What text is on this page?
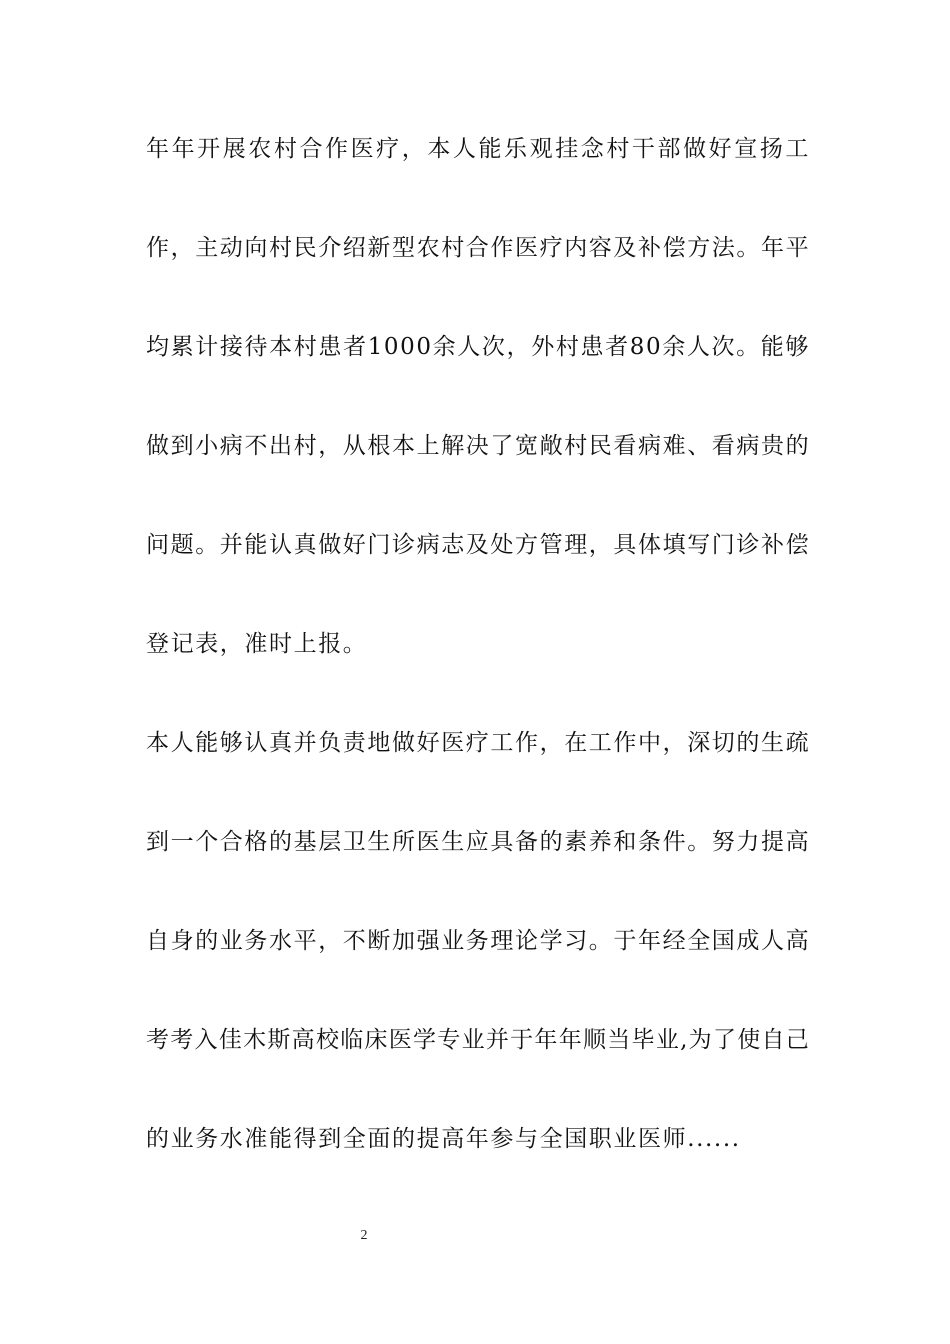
年年开展农村合作医疗，本人能乐观挂念村干部做好宣扬工
作，主动向村民介绍新型农村合作医疗内容及补偿方法。年平
均累计接待本村患者1000余人次，外村患者80余人次。能够
做到小病不出村，从根本上解决了宽敞村民看病难、看病贵的
问题。并能认真做好门诊病志及处方管理，具体填写门诊补偿
登记表，准时上报。
本人能够认真并负责地做好医疗工作，在工作中，深切的生疏
到一个合格的基层卫生所医生应具备的素养和条件。努力提高
自身的业务水平，不断加强业务理论学习。于年经全国成人高
考考入佳木斯高校临床医学专业并于年年顺当毕业,为了使自己
的业务水准能得到全面的提高年参与全国职业医师......
2
